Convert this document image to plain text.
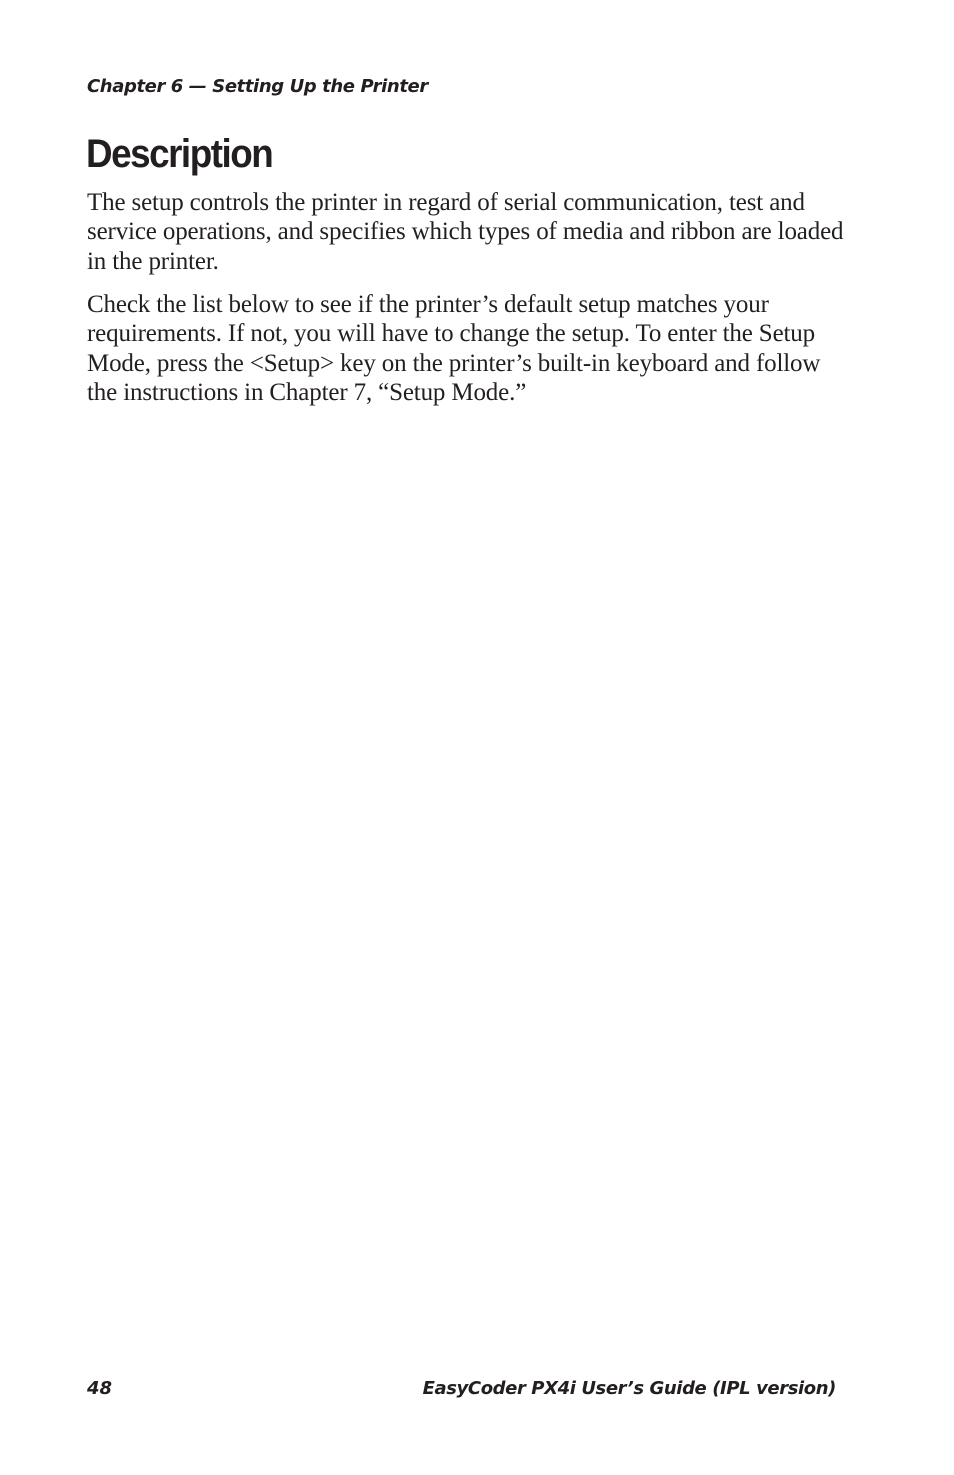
Chapter 6 — Setting Up the Printer

Description

The setup controls the printer in regard of serial communication, test and service operations, and specifies which types of media and ribbon are loaded in the printer.

Check the list below to see if the printer’s default setup matches your requirements. If not, you will have to change the setup. To enter the Setup Mode, press the <Setup> key on the printer’s built-in keyboard and follow the instructions in Chapter 7, “Setup Mode.”

48	EasyCoder PX4i User’s Guide (IPL version)
